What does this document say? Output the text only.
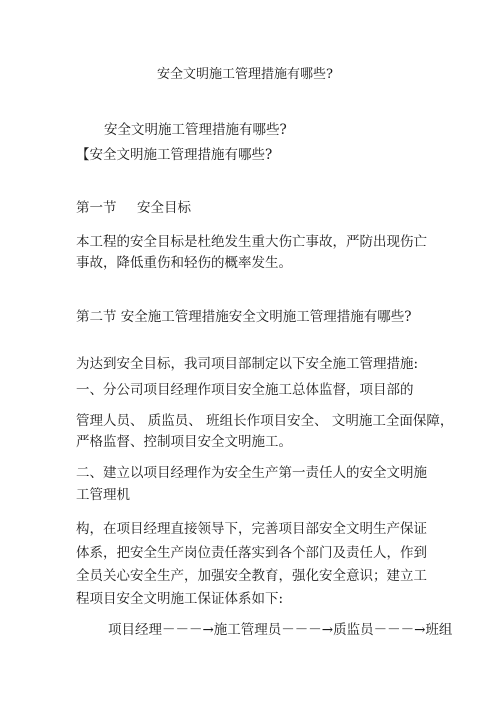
安全文明施工管理措施有哪些?
安全文明施工管理措施有哪些?
【安全文明施工管理措施有哪些?
第一节 安全目标
本工程的安全目标是杜绝发生重大伤亡事故，严防出现伤亡
事故，降低重伤和轻伤的概率发生。
第二节 安全施工管理措施安全文明施工管理措施有哪些?
为达到安全目标，我司项目部制定以下安全施工管理措施:
一、分公司项目经理作项目安全施工总体监督，项目部的
管理人员、 质监员、 班组长作项目安全、 文明施工全面保障，
严格监督、控制项目安全文明施工。
二、建立以项目经理作为安全生产第一责任人的安全文明施
工管理机
构，在项目经理直接领导下，完善项目部安全文明生产保证
体系，把安全生产岗位责任落实到各个部门及责任人，作到
全员关心安全生产，加强安全教育，强化安全意识；建立工
程项目安全文明施工保证体系如下:
项目经理－－－→施工管理员－－－→质监员－－－→班组
